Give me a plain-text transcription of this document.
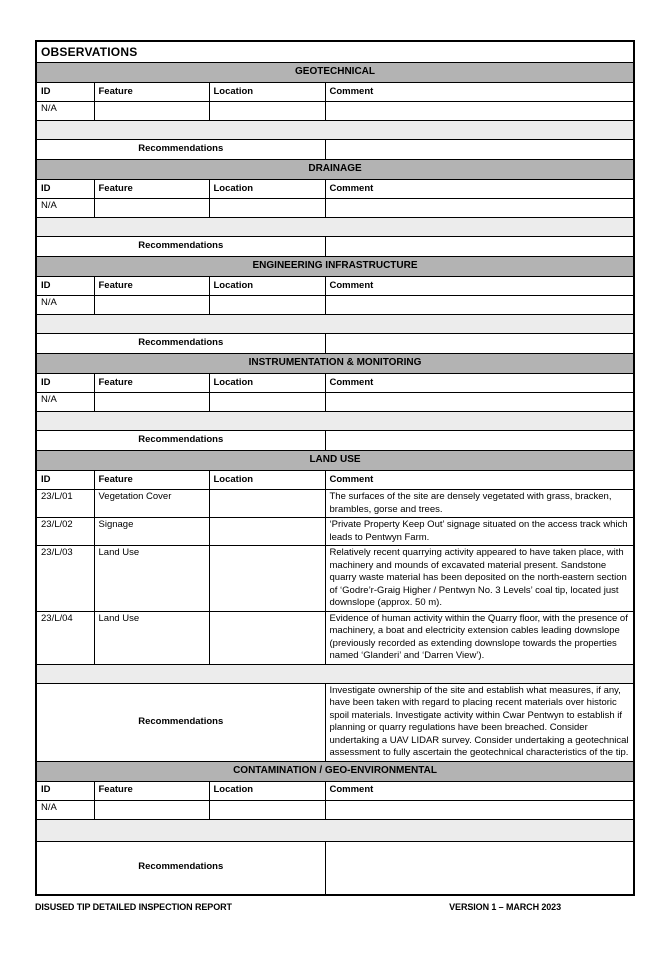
OBSERVATIONS			
GEOTECHNICAL			
ID	Feature	Location	Comment
N/A			

Recommendations			
DRAINAGE			
ID	Feature	Location	Comment
N/A			

Recommendations			
ENGINEERING INFRASTRUCTURE			
ID	Feature	Location	Comment
N/A			

Recommendations			
INSTRUMENTATION & MONITORING			
ID	Feature	Location	Comment
N/A			

Recommendations			
LAND USE			
ID	Feature	Location	Comment
23/L/01	Vegetation Cover		The surfaces of the site are densely vegetated with grass, bracken, brambles, gorse and trees.
23/L/02	Signage		‘Private Property Keep Out’ signage situated on the access track which leads to Pentwyn Farm.
23/L/03	Land Use		Relatively recent quarrying activity appeared to have taken place, with machinery and mounds of excavated material present. Sandstone quarry waste material has been deposited on the north-eastern section of ‘Godre’r-Graig Higher / Pentwyn No. 3 Levels’ coal tip, located just downslope (approx. 50 m).
23/L/04	Land Use		Evidence of human activity within the Quarry floor, with the presence of machinery, a boat and electricity extension cables leading downslope (previously recorded as extending downslope towards the properties named ‘Glanderi’ and ‘Darren View’).

Recommendations			Investigate ownership of the site and establish what measures, if any, have been taken with regard to placing recent materials over historic spoil materials. Investigate activity within Cwar Pentwyn to establish if planning or quarry regulations have been breached. Consider undertaking a UAV LIDAR survey. Consider undertaking a geotechnical assessment to fully ascertain the geotechnical characteristics of the tip.
CONTAMINATION / GEO-ENVIRONMENTAL			
ID	Feature	Location	Comment
N/A			

Recommendations			
DISUSED TIP DETAILED INSPECTION REPORT	VERSION 1 – MARCH 2023
